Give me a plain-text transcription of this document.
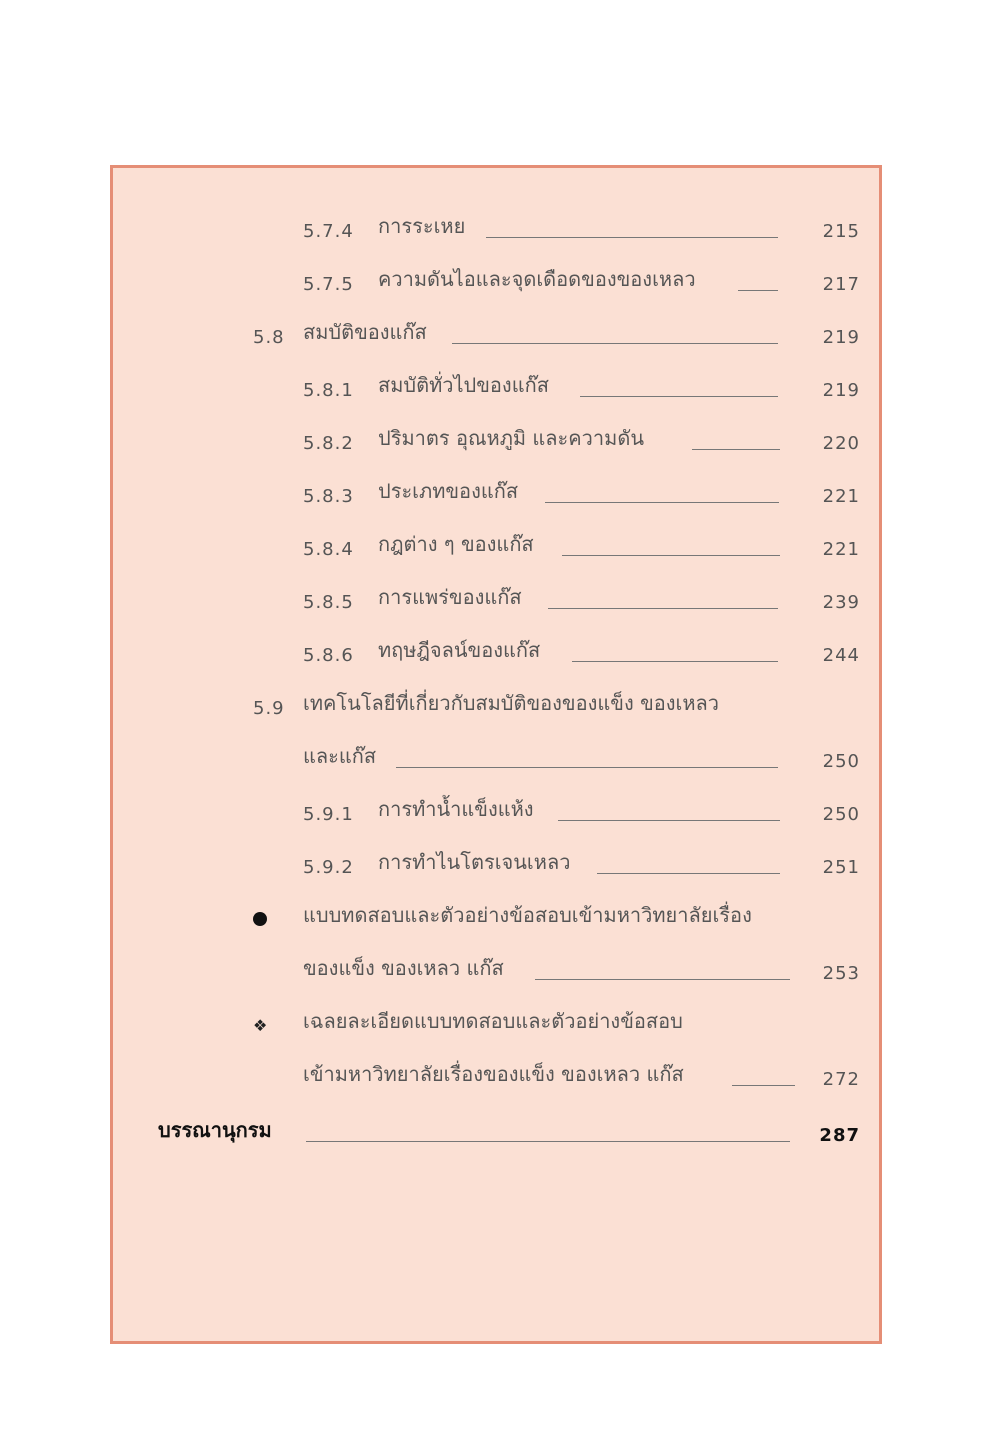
5.7.4 การระเหย	215
5.7.5 ความดันไอและจุดเดือดของของเหลว	217
5.8 สมบัติของแก๊ส	219
5.8.1 สมบัติทั่วไปของแก๊ส	219
5.8.2 ปริมาตร อุณหภูมิ และความดัน	220
5.8.3 ประเภทของแก๊ส	221
5.8.4 กฎต่าง ๆ ของแก๊ส	221
5.8.5 การแพร่ของแก๊ส	239
5.8.6 ทฤษฎีจลน์ของแก๊ส	244
5.9 เทคโนโลยีที่เกี่ยวกับสมบัติของของแข็ง ของเหลว
และแก๊ส	250
5.9.1 การทำน้ำแข็งแห้ง	250
5.9.2 การทำไนโตรเจนเหลว	251
แบบทดสอบและตัวอย่างข้อสอบเข้ามหาวิทยาลัยเรื่อง
ของแข็ง ของเหลว แก๊ส	253
❖ เฉลยละเอียดแบบทดสอบและตัวอย่างข้อสอบ
เข้ามหาวิทยาลัยเรื่องของแข็ง ของเหลว แก๊ส	272
บรรณานุกรม	287
